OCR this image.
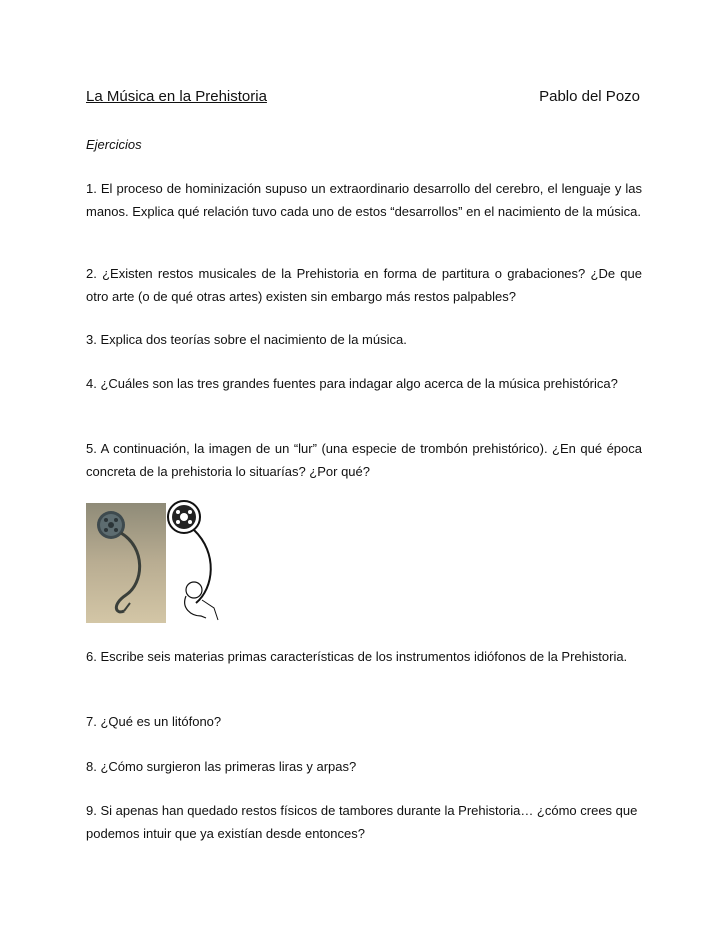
La Música en la Prehistoria	Pablo del Pozo
Ejercicios
1. El proceso de hominización supuso un extraordinario desarrollo del cerebro, el lenguaje y las manos. Explica qué relación tuvo cada uno de estos “desarrollos” en el nacimiento de la música.
2. ¿Existen restos musicales de la Prehistoria en forma de partitura o grabaciones? ¿De que otro arte (o de qué otras artes) existen sin embargo más restos palpables?
3. Explica dos teorías sobre el nacimiento de la música.
4. ¿Cuáles son las tres grandes fuentes para indagar algo acerca de la música prehistórica?
5. A continuación, la imagen de un “lur” (una especie de trombón prehistórico). ¿En qué época concreta de la prehistoria lo situarías? ¿Por qué?
6. Escribe seis materias primas características de los instrumentos idiófonos de la Prehistoria.
7. ¿Qué es un litófono?
8. ¿Cómo surgieron las primeras liras y arpas?
9. Si apenas han quedado restos físicos de tambores durante la Prehistoria… ¿cómo crees que podemos intuir que ya existían desde entonces?
